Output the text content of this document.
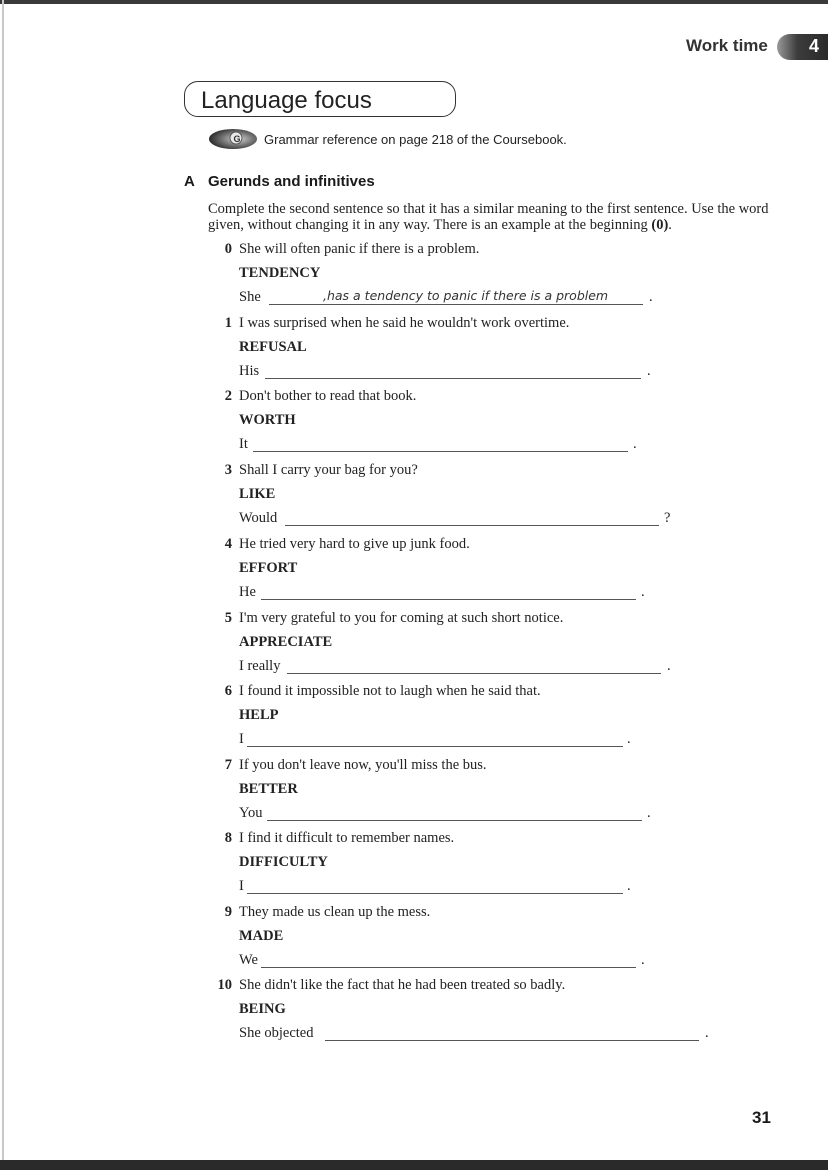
Work time 4
Language focus
G Grammar reference on page 218 of the Coursebook.
A Gerunds and infinitives
Complete the second sentence so that it has a similar meaning to the first sentence. Use the word given, without changing it in any way. There is an example at the beginning (0).
0 She will often panic if there is a problem.
TENDENCY
She	,has a tendency to panic if there is a problem	.
1 I was surprised when he said he wouldn't work overtime.
REFUSAL
His	.
2 Don't bother to read that book.
WORTH
It	.
3 Shall I carry your bag for you?
LIKE
Would	?
4 He tried very hard to give up junk food.
EFFORT
He	.
5 I'm very grateful to you for coming at such short notice.
APPRECIATE
I really	.
6 I found it impossible not to laugh when he said that.
HELP
I	.
7 If you don't leave now, you'll miss the bus.
BETTER
You	.
8 I find it difficult to remember names.
DIFFICULTY
I	.
9 They made us clean up the mess.
MADE
We	.
10 She didn't like the fact that he had been treated so badly.
BEING
She objected	.
31
